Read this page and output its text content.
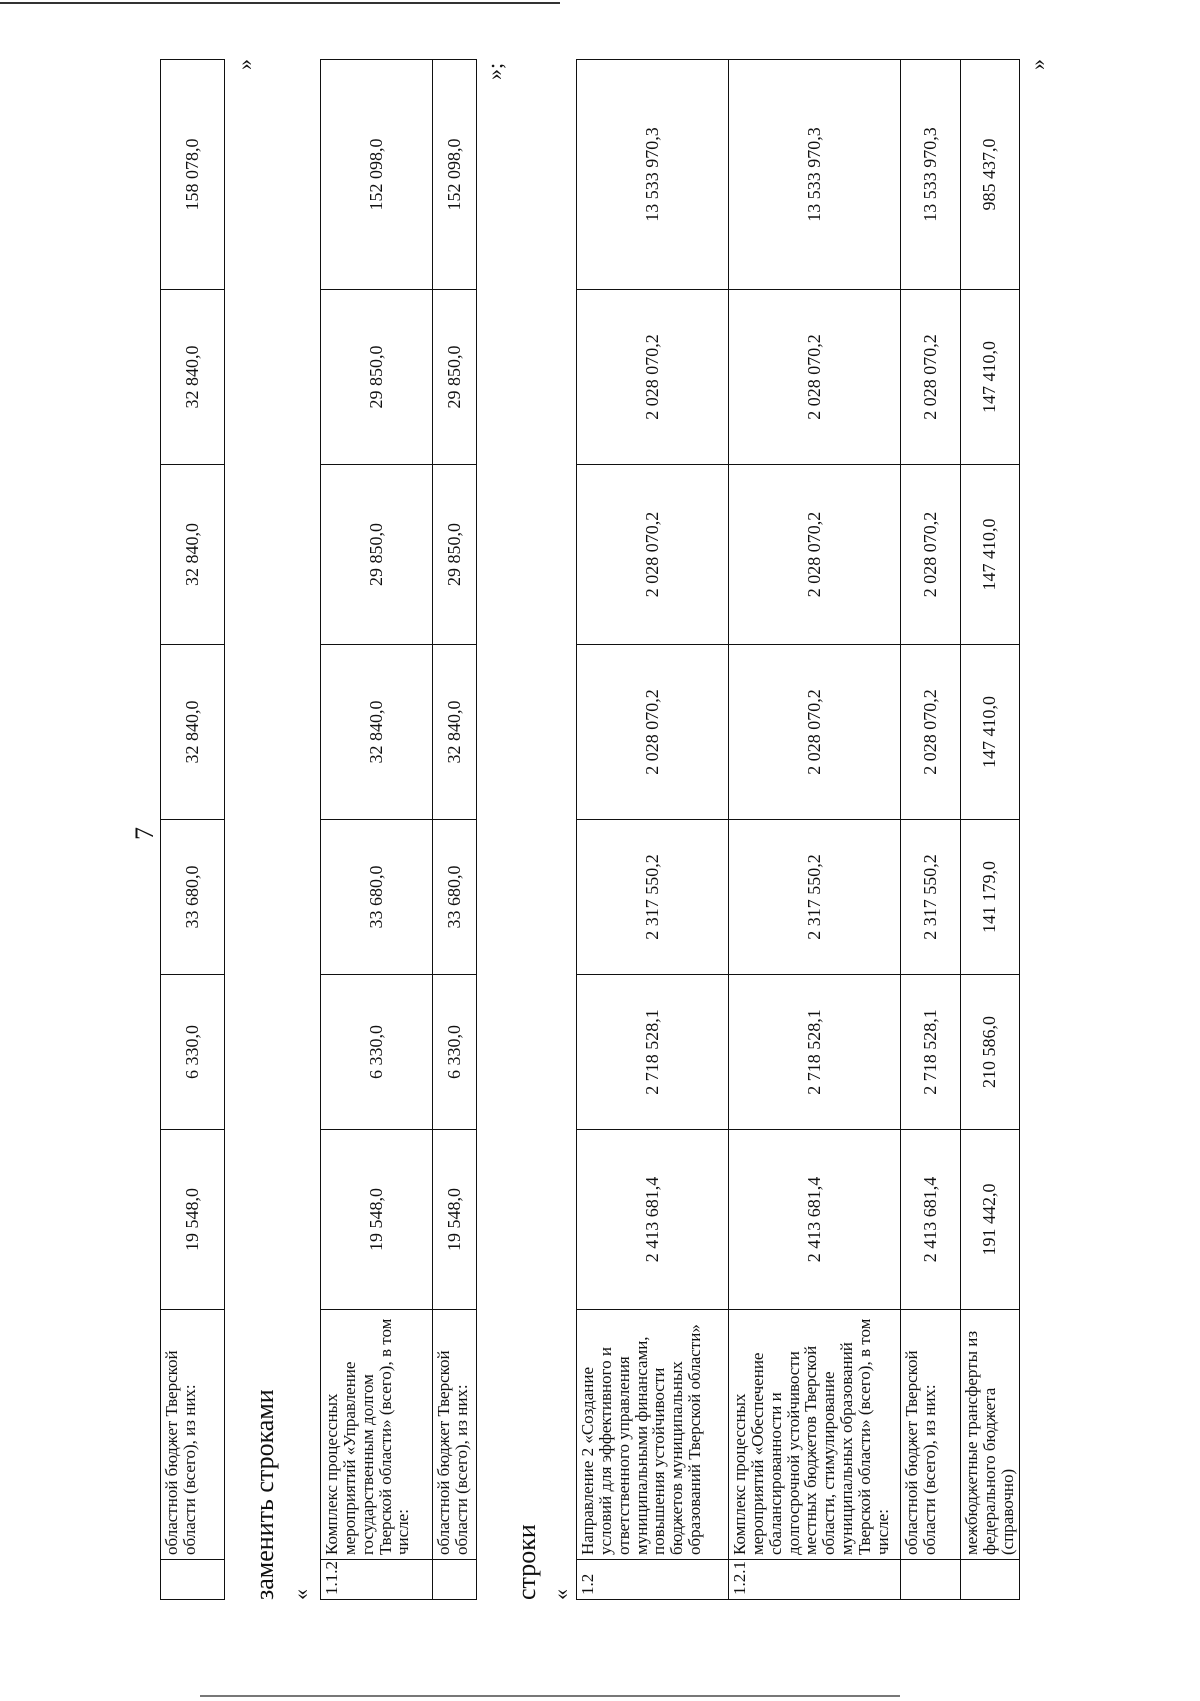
7
	областной бюджет Тверской области (всего), из них:	19 548,0	6 330,0	33 680,0	32 840,0	32 840,0	32 840,0	158 078,0
»
заменить строками « 1.1.2	Комплекс процессных мероприятий «Управление государственным долгом Тверской области» (всего), в том числе:	19 548,0	6 330,0	33 680,0	32 840,0	29 850,0	29 850,0	152 098,0
	областной бюджет Тверской области (всего), из них:	19 548,0	6 330,0	33 680,0	32 840,0	29 850,0	29 850,0	152 098,0
»;
строки « 1.2	Направление 2 «Создание условий для эффективного и ответственного управления муниципальными финансами, повышения устойчивости бюджетов муниципальных образований Тверской области»	2 413 681,4	2 718 528,1	2 317 550,2	2 028 070,2	2 028 070,2	2 028 070,2	13 533 970,3
1.2.1	Комплекс процессных мероприятий «Обеспечение сбалансированности и долгосрочной устойчивости местных бюджетов Тверской области, стимулирование муниципальных образований Тверской области» (всего), в том числе:	2 413 681,4	2 718 528,1	2 317 550,2	2 028 070,2	2 028 070,2	2 028 070,2	13 533 970,3
	областной бюджет Тверской области (всего), из них:	2 413 681,4	2 718 528,1	2 317 550,2	2 028 070,2	2 028 070,2	2 028 070,2	13 533 970,3
	межбюджетные трансферты из федерального бюджета (справочно)	191 442,0	210 586,0	141 179,0	147 410,0	147 410,0	147 410,0	985 437,0
»
